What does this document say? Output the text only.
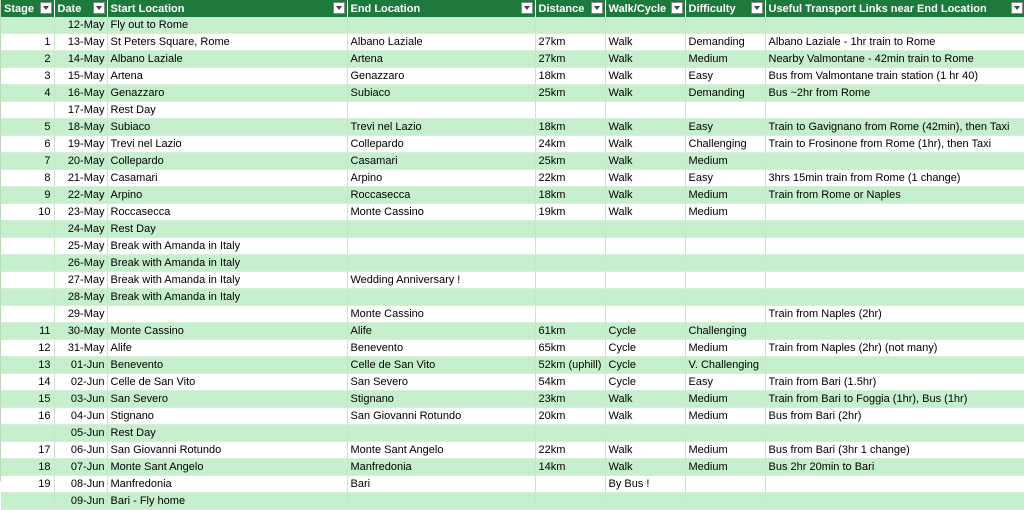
Stage	Date	Start Location	End Location	Distance	Walk/Cycle	Difficulty	Useful Transport Links near End Location

	12-May	Fly out to Rome					
1	13-May	St Peters Square, Rome	Albano Laziale	27km	Walk	Demanding	Albano Laziale - 1hr train to Rome
2	14-May	Albano Laziale	Artena	27km	Walk	Medium	Nearby Valmontane - 42min train to Rome
3	15-May	Artena	Genazzaro	18km	Walk	Easy	Bus from Valmontane train station (1 hr 40)
4	16-May	Genazzaro	Subiaco	25km	Walk	Demanding	Bus ~2hr from Rome
	17-May	Rest Day					
5	18-May	Subiaco	Trevi nel Lazio	18km	Walk	Easy	Train to Gavignano from Rome (42min), then Taxi
6	19-May	Trevi nel Lazio	Collepardo	24km	Walk	Challenging	Train to Frosinone from Rome (1hr), then Taxi
7	20-May	Collepardo	Casamari	25km	Walk	Medium	
8	21-May	Casamari	Arpino	22km	Walk	Easy	3hrs 15min train from Rome (1 change)
9	22-May	Arpino	Roccasecca	18km	Walk	Medium	Train from Rome or Naples
10	23-May	Roccasecca	Monte Cassino	19km	Walk	Medium	
	24-May	Rest Day					
	25-May	Break with Amanda in Italy					
	26-May	Break with Amanda in Italy					
	27-May	Break with Amanda in Italy	Wedding Anniversary !				
	28-May	Break with Amanda in Italy					
	29-May		Monte Cassino				Train from Naples (2hr)
11	30-May	Monte Cassino	Alife	61km	Cycle	Challenging	
12	31-May	Alife	Benevento	65km	Cycle	Medium	Train from Naples (2hr) (not many)
13	01-Jun	Benevento	Celle de San Vito	52km (uphill)	Cycle	V. Challenging	
14	02-Jun	Celle de San Vito	San Severo	54km	Cycle	Easy	Train from Bari (1.5hr)
15	03-Jun	San Severo	Stignano	23km	Walk	Medium	Train from Bari to Foggia (1hr), Bus (1hr)
16	04-Jun	Stignano	San Giovanni Rotundo	20km	Walk	Medium	Bus from Bari (2hr)
	05-Jun	Rest Day					
17	06-Jun	San Giovanni Rotundo	Monte Sant Angelo	22km	Walk	Medium	Bus from Bari (3hr 1 change)
18	07-Jun	Monte Sant Angelo	Manfredonia	14km	Walk	Medium	Bus 2hr 20min to Bari
19	08-Jun	Manfredonia	Bari		By Bus !		
	09-Jun	Bari - Fly home					
